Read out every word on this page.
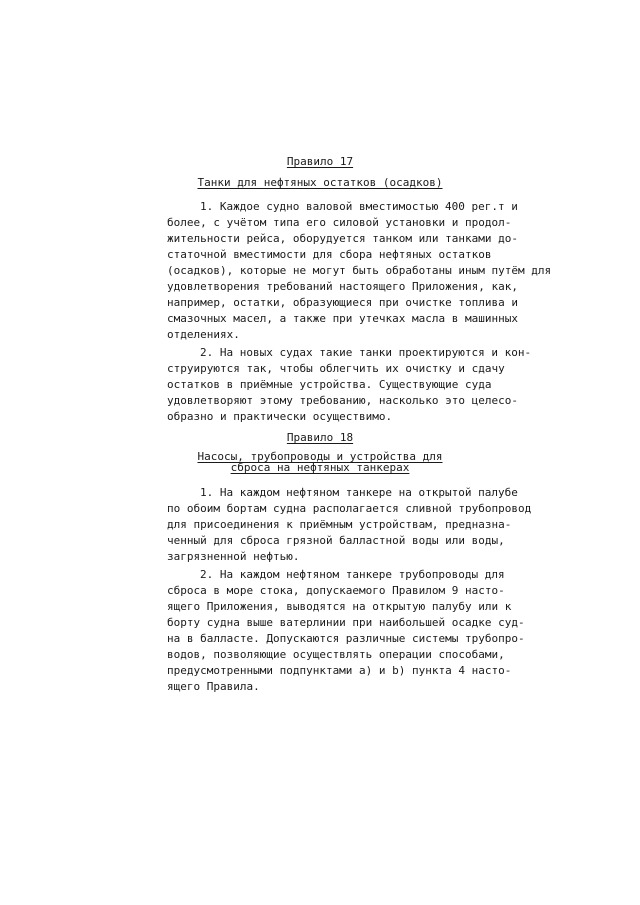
Правило 17
Танки для нефтяных остатков (осадков)
1. Каждое судно валовой вместимостью 400 рег.т и
более, с учётом типа его силовой установки и продол-
жительности рейса, оборудуется танком или танками до-
статочной вместимости для сбора нефтяных остатков
(осадков), которые не могут быть обработаны иным путём для
удовлетворения требований настоящего Приложения, как,
например, остатки, образующиеся при очистке топлива и
смазочных масел, а также при утечках масла в машинных
отделениях.
2. На новых судах такие танки проектируются и кон-
струируются так, чтобы облегчить их очистку и сдачу
остатков в приёмные устройства. Существующие суда
удовлетворяют этому требованию, насколько это целесо-
образно и практически осуществимо.
Правило 18
Насосы, трубопроводы и устройства для
сброса на нефтяных танкерах
1. На каждом нефтяном танкере на открытой палубе
по обоим бортам судна располагается сливной трубопровод
для присоединения к приёмным устройствам, предназна-
ченный для сброса грязной балластной воды или воды,
загрязненной нефтью.
2. На каждом нефтяном танкере трубопроводы для
сброса в море стока, допускаемого Правилом 9 насто-
ящего Приложения, выводятся на открытую палубу или к
борту судна выше ватерлинии при наибольшей осадке суд-
на в балласте. Допускаются различные системы трубопро-
водов, позволяющие осуществлять операции способами,
предусмотренными подпунктами a) и b) пункта 4 насто-
ящего Правила.
